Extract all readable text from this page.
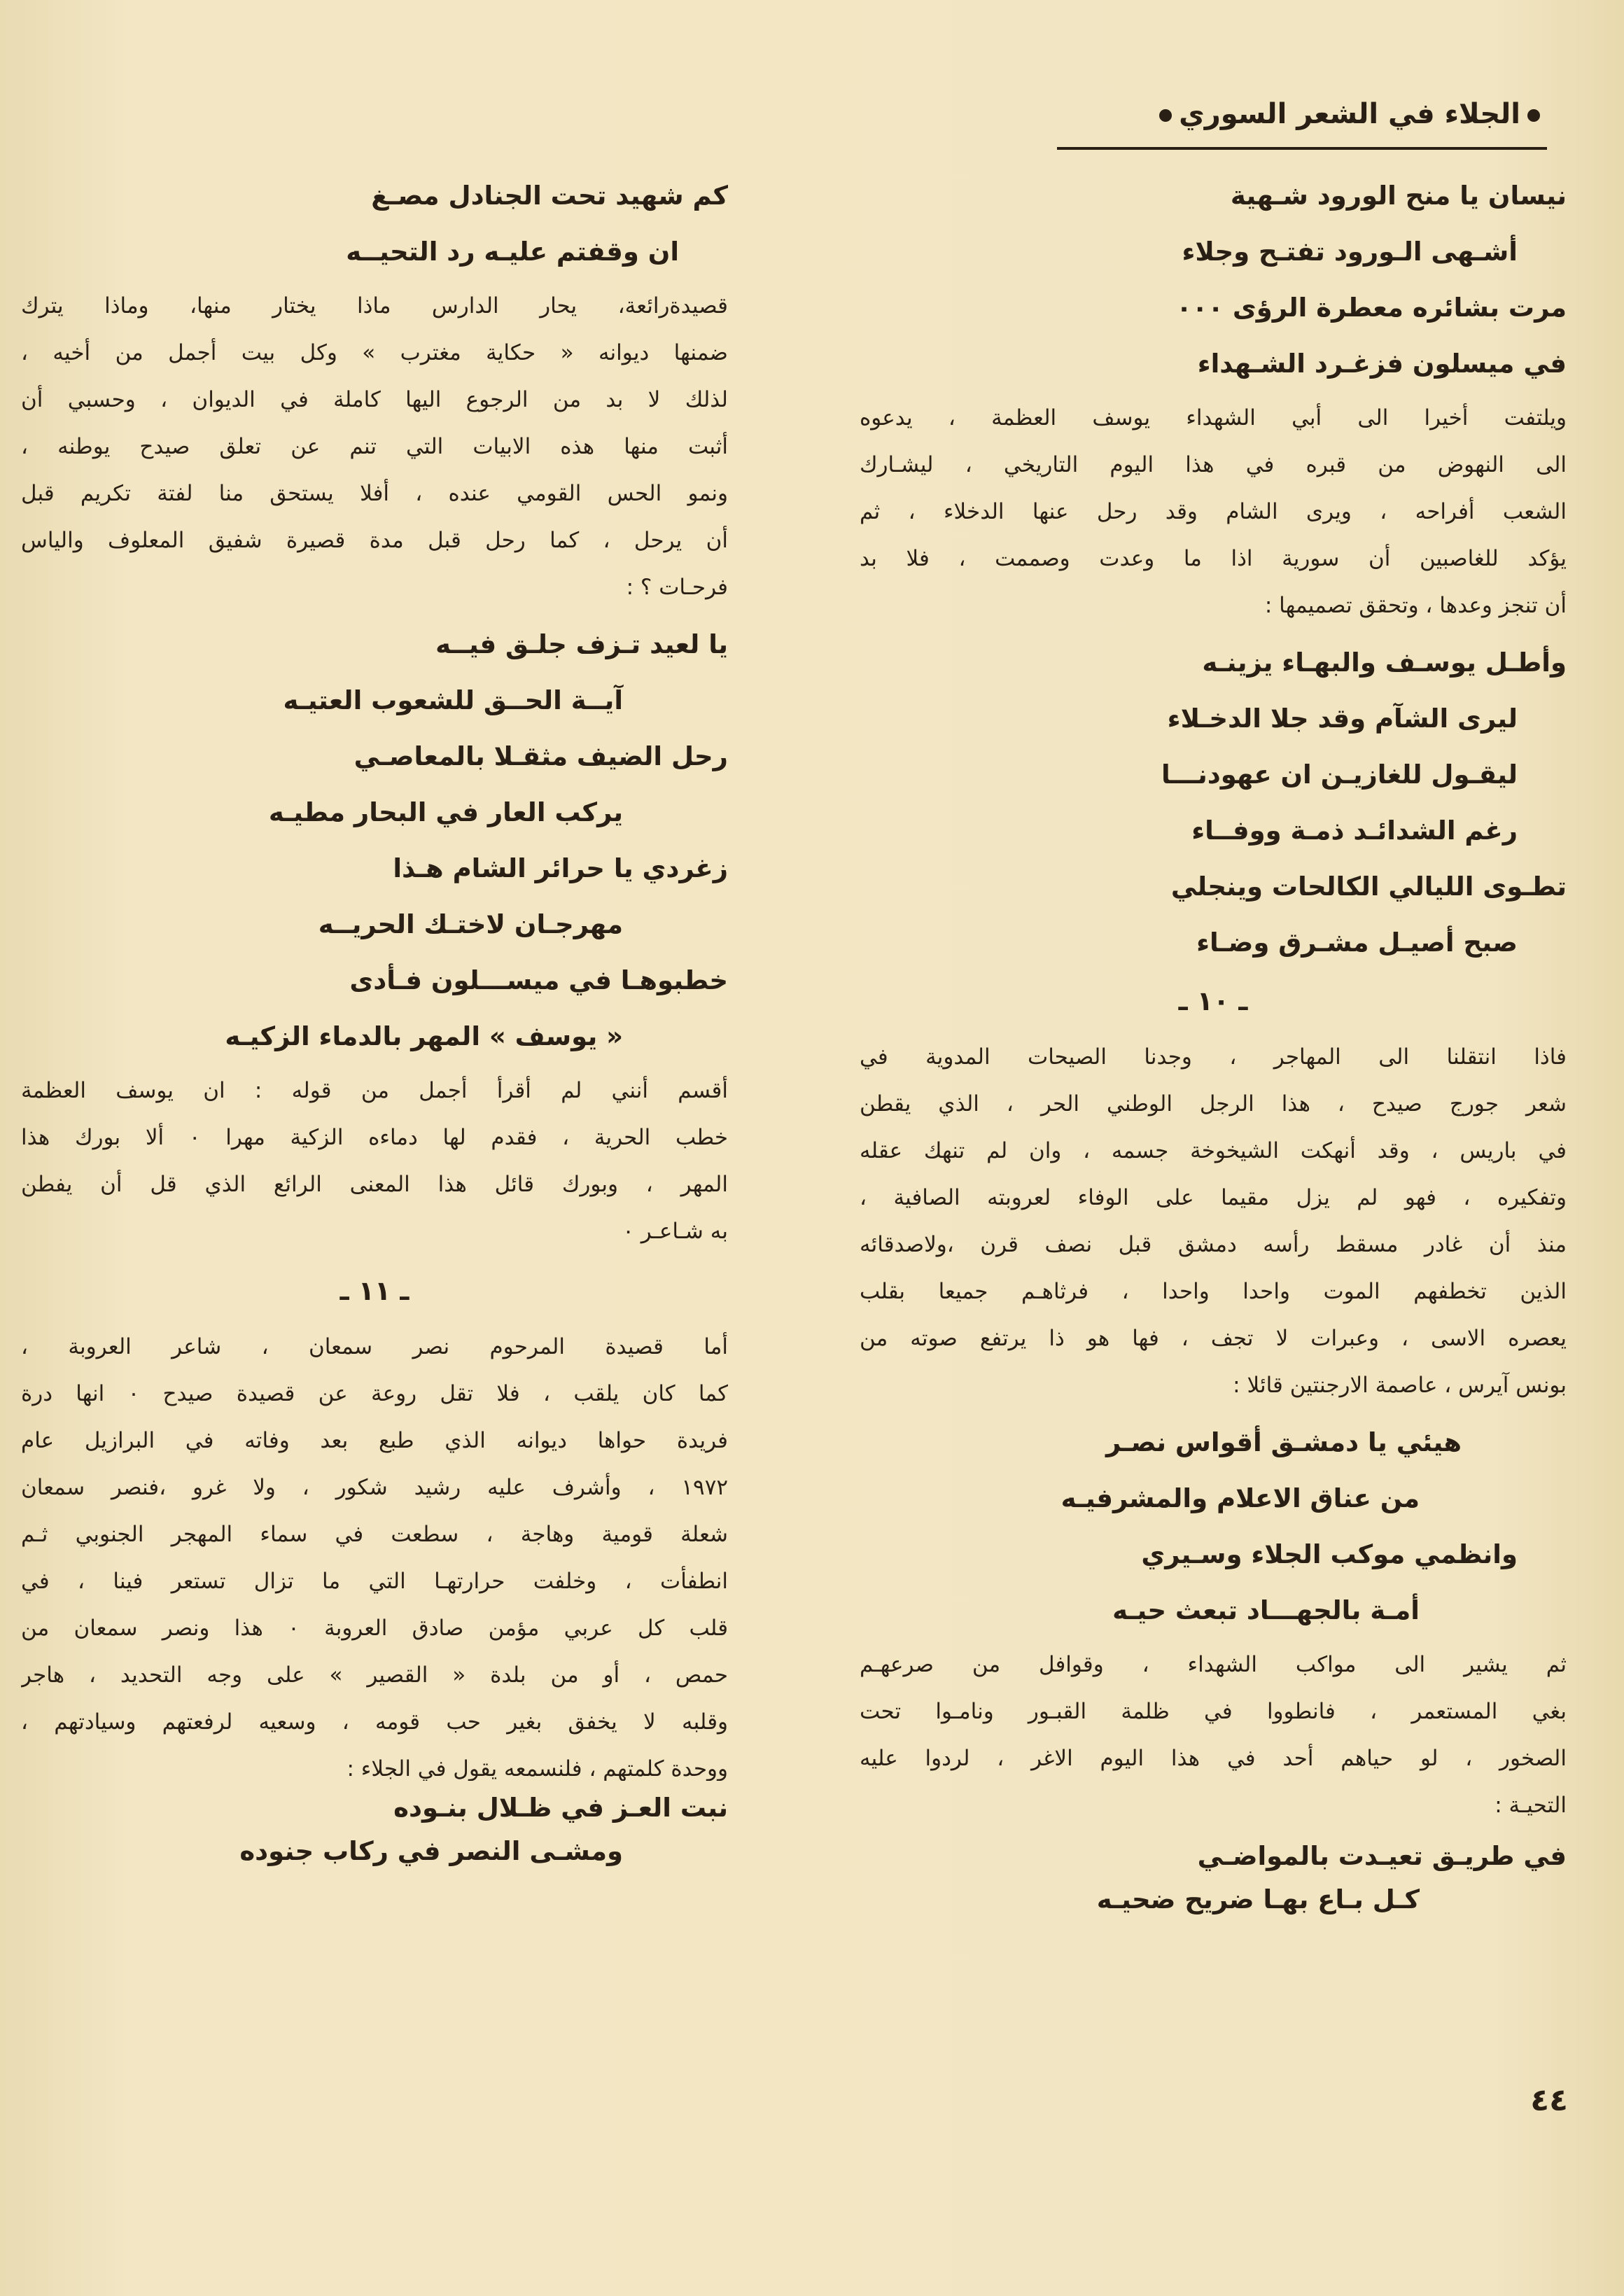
الجلاء في الشعر السوري
نيسان يا منح الورود شـهية
أشـهى الـورود تفتـح وجلاء
مرت بشائره معطرة الرؤى ٠٠٠
في ميسلون فزغـرد الشـهداء
ويلتفت أخيرا الى أبي الشهداء يوسف العظمة ، يدعوه
الى النهوض من قبره في هذا اليوم التاريخي ، ليشـارك
الشعب أفراحه ، ويرى الشام وقد رحل عنها الدخلاء ، ثم
يؤكد للغاصبين أن سورية اذا ما وعدت وصممت ، فلا بد
أن تنجز وعدها ، وتحقق تصميمها :
وأطـل يوسـف والبهـاء يزينـه
ليرى الشآم وقد جلا الدخـلاء
ليقـول للغازيـن ان عهودنـــا
رغم الشدائـد ذمـة ووفــاء
تطـوى الليالي الكالحات وينجلي
صبح أصيـل مشـرق وضـاء
ـ ١٠ ـ
فاذا انتقلنا الى المهاجر ، وجدنا الصيحات المدوية في
شعر جورج صيدح ، هذا الرجل الوطني الحر ، الذي يقطن
في باريس ، وقد أنهكت الشيخوخة جسمه ، وان لم تنهك عقله
وتفكيره ، فهو لم يزل مقيما على الوفاء لعروبته الصافية ،
منذ أن غادر مسقط رأسه دمشق قبل نصف قرن ،ولاصدقائه
الذين تخطفهم الموت واحدا واحدا ، فرثاهـم جميعا بقلب
يعصره الاسى ، وعبرات لا تجف ، فها هو ذا يرتفع صوته من
بونس آيرس ، عاصمة الارجنتين قائلا :
هيئي يا دمشـق أقواس نصـر
من عناق الاعلام والمشرفيـه
وانظمي موكب الجلاء وسـيري
أمـة بالجهـــاد تبعث حيـه
ثم يشير الى مواكب الشهداء ، وقوافل من صرعهـم
بغي المستعمر ، فانطووا في ظلمة القبـور ونامـوا تحت
الصخور ، لو حياهم أحد في هذا اليوم الاغر ، لردوا عليه
التحيـة :
في طريـق تعيـدت بالمواضـي
كـل بـاع بهـا ضريح ضحيـه
كم شهيد تحت الجنادل مصـغ
ان وقفتم عليـه رد التحيــه
قصيدةرائعة، يحار الدارس ماذا يختار منها، وماذا يترك
ضمنها ديوانه « حكاية مغترب » وكل بيت أجمل من أخيه ،
لذلك لا بد من الرجوع اليها كاملة في الديوان ، وحسبي أن
أثبت منها هذه الابيات التي تنم عن تعلق صيدح يوطنه ،
ونمو الحس القومي عنده ، أفلا يستحق منا لفتة تكريم قبل
أن يرحل ، كما رحل قبل مدة قصيرة شفيق المعلوف والياس
فرحـات ؟ :
يا لعيد تـزف جلـق فيــه
آيــة الحــق للشعوب العتيـه
رحل الضيف مثقـلا بالمعاصـي
يركب العار في البحار مطيـه
زغردي يا حرائر الشام هـذا
مهرجـان لاختـك الحريــه
خطبوهـا في ميســـلون فـأدى
« يوسف » المهر بالدماء الزكيـه
أقسم أنني لم أقرأ أجمل من قوله : ان يوسف العظمة
خطب الحرية ، فقدم لها دماءه الزكية مهرا ٠ ألا بورك هذا
المهر ، وبورك قائل هذا المعنى الرائع الذي قل أن يفطن
به شـاعـر ٠
ـ ١١ ـ
أما قصيدة المرحوم نصر سمعان ، شاعر العروبة ،
كما كان يلقب ، فلا تقل روعة عن قصيدة صيدح ٠ انها درة
فريدة حواها ديوانه الذي طبع بعد وفاته في البرازيل عام
١٩٧٢ ، وأشرف عليه رشيد شكور ، ولا غرو ،فنصر سمعان
شعلة قومية وهاجة ، سطعت في سماء المهجر الجنوبي ثـم
انطفأت ، وخلفت حرارتهـا التي ما تزال تستعر فينا ، في
قلب كل عربي مؤمن صادق العروبة ٠ هذا ونصر سمعان من
حمص ، أو من بلدة « القصير » على وجه التحديد ، هاجر
وقلبه لا يخفق بغير حب قومه ، وسعيه لرفعتهم وسيادتهم ،
ووحدة كلمتهم ، فلنسمعه يقول في الجلاء :
نبت العـز في ظـلال بنـوده
ومشـى النصر في ركاب جنوده
٤٤
